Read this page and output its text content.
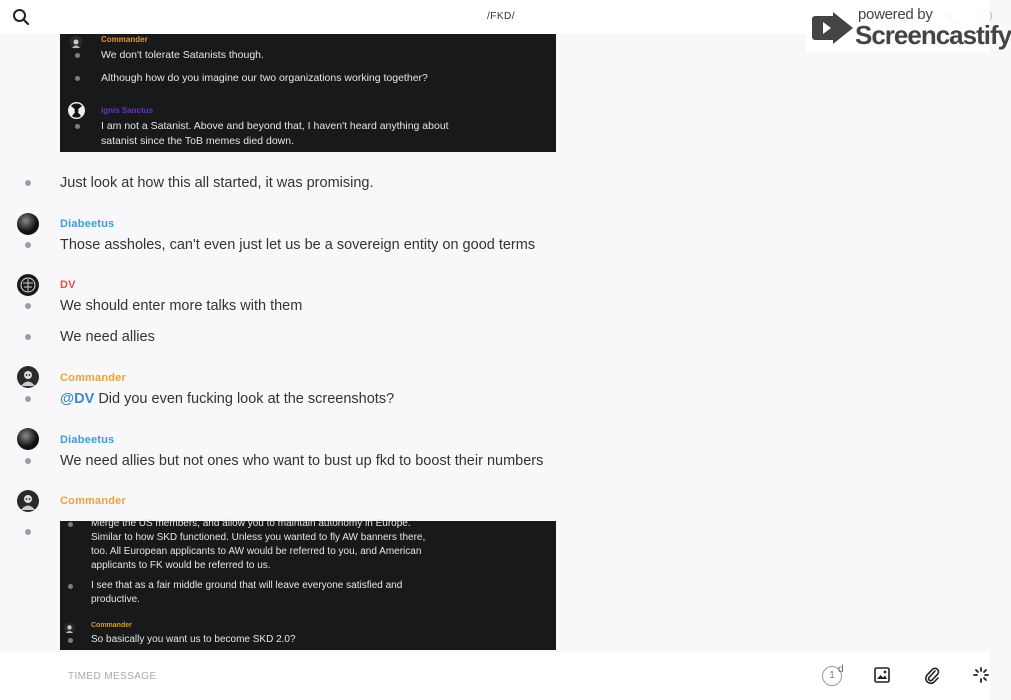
/FKD/	powered by
Screencastify
Commander
We don't tolerate Satanists though.
Although how do you imagine our two organizations working together?
Ignis Sanctus
I am not a Satanist. Above and beyond that, I haven't heard anything about
satanist since the ToB memes died down.
Just look at how this all started, it was promising.
Diabeetus
Those assholes, can't even just let us be a sovereign entity on good terms
DV
We should enter more talks with them
We need allies
Commander
@DV Did you even fucking look at the screenshots?
Diabeetus
We need allies but not ones who want to bust up fkd to boost their numbers
Commander
Merge the US members, and allow you to maintain autonomy in Europe.
Similar to how SKD functioned. Unless you wanted to fly AW banners there,
too. All European applicants to AW would be referred to you, and American
applicants to FK would be referred to us.
I see that as a fair middle ground that will leave everyone satisfied and
productive.
Commander
So basically you want us to become SKD 2.0?
TIMED MESSAGE	1
d
